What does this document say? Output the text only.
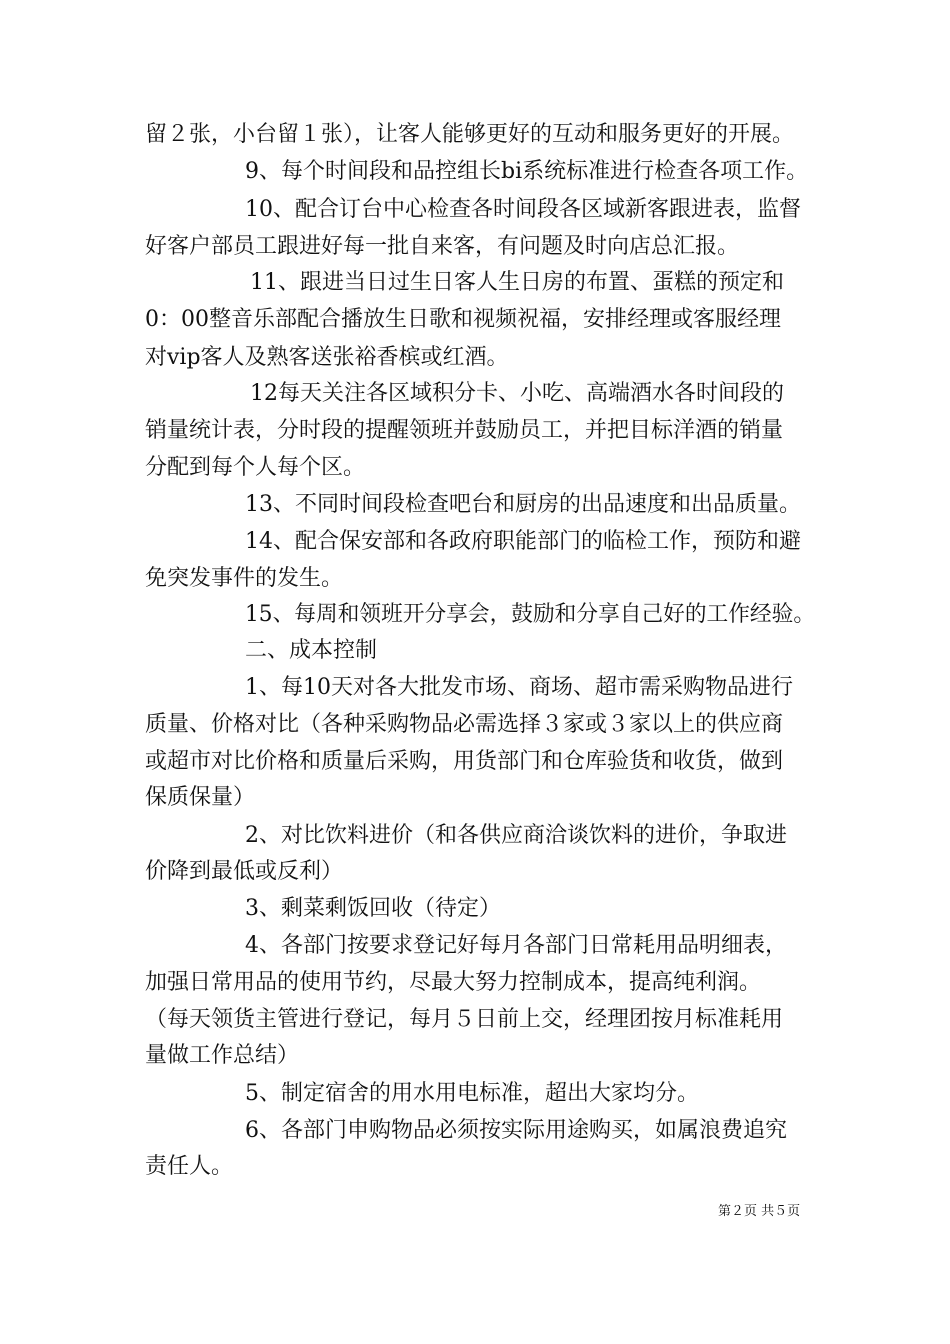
留２张，小台留１张），让客人能够更好的互动和服务更好的开展。
9、每个时间段和品控组长bi系统标准进行检查各项工作。
10、配合订台中心检查各时间段各区域新客跟进表，监督
好客户部员工跟进好每一批自来客，有问题及时向店总汇报。
11、跟进当日过生日客人生日房的布置、蛋糕的预定和
0：00整音乐部配合播放生日歌和视频祝福，安排经理或客服经理
对vip客人及熟客送张裕香槟或红酒。
12每天关注各区域积分卡、小吃、高端酒水各时间段的
销量统计表，分时段的提醒领班并鼓励员工，并把目标洋酒的销量
分配到每个人每个区。
13、不同时间段检查吧台和厨房的出品速度和出品质量。
14、配合保安部和各政府职能部门的临检工作，预防和避
免突发事件的发生。
15、每周和领班开分享会，鼓励和分享自己好的工作经验。
二、成本控制
1、每10天对各大批发市场、商场、超市需采购物品进行
质量、价格对比（各种采购物品必需选择３家或３家以上的供应商
或超市对比价格和质量后采购，用货部门和仓库验货和收货，做到
保质保量）
2、对比饮料进价（和各供应商洽谈饮料的进价，争取进
价降到最低或反利）
3、剩菜剩饭回收（待定）
4、各部门按要求登记好每月各部门日常耗用品明细表，
加强日常用品的使用节约，尽最大努力控制成本，提高纯利润。
（每天领货主管进行登记，每月５日前上交，经理团按月标准耗用
量做工作总结）
5、制定宿舍的用水用电标准，超出大家均分。
6、各部门申购物品必须按实际用途购买，如属浪费追究
责任人。
第２页 共５页
